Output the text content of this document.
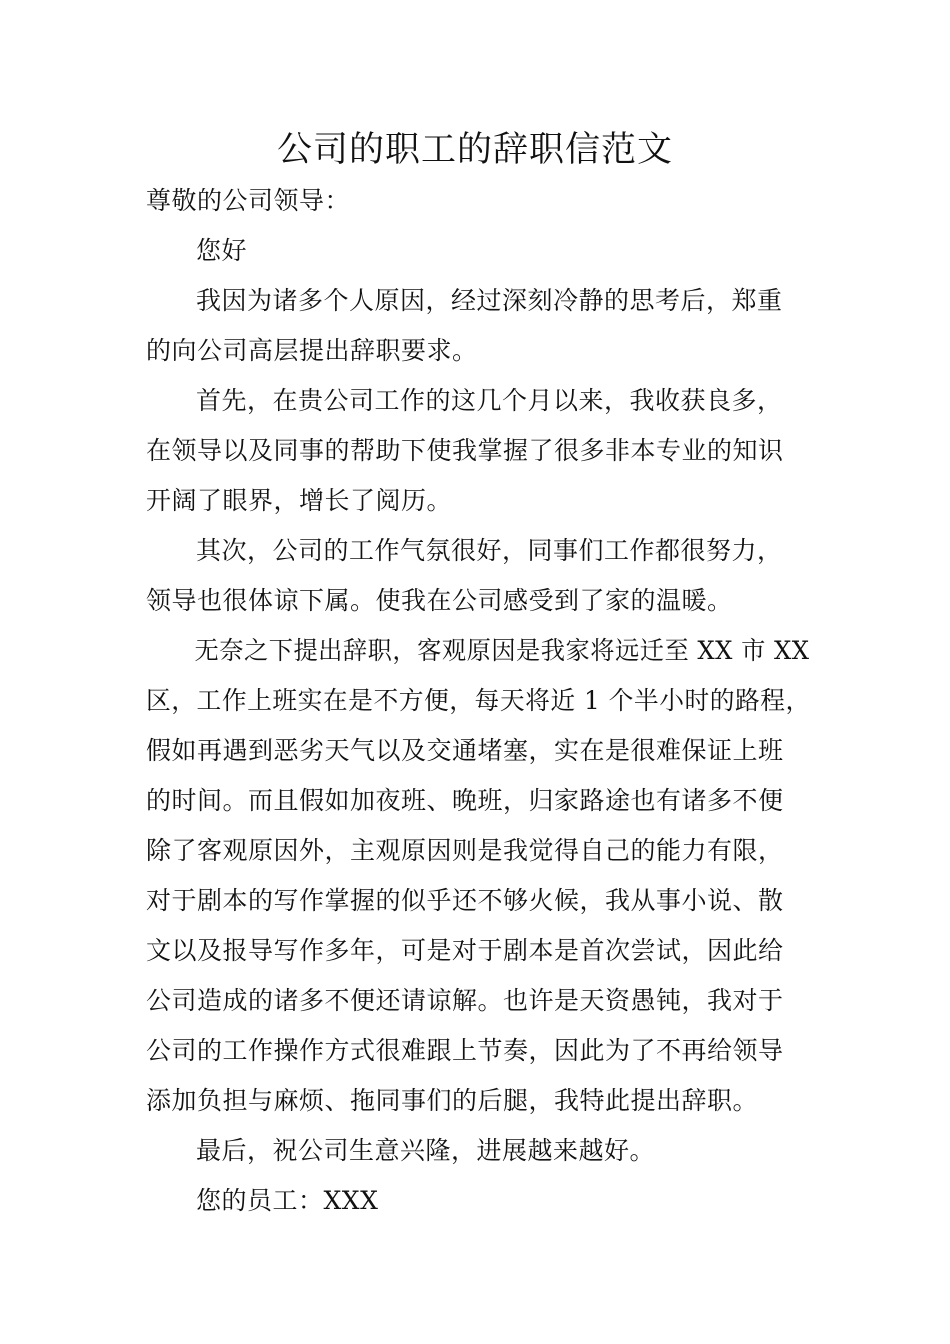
公司的职工的辞职信范文
尊敬的公司领导：
您好
我因为诸多个人原因，经过深刻冷静的思考后，郑重
的向公司高层提出辞职要求。
首先，在贵公司工作的这几个月以来，我收获良多，
在领导以及同事的帮助下使我掌握了很多非本专业的知识
开阔了眼界，增长了阅历。
其次，公司的工作气氛很好，同事们工作都很努力，
领导也很体谅下属。使我在公司感受到了家的温暖。
无奈之下提出辞职，客观原因是我家将远迁至 XX 市 XX
区，工作上班实在是不方便，每天将近 1 个半小时的路程，
假如再遇到恶劣天气以及交通堵塞，实在是很难保证上班
的时间。而且假如加夜班、晚班，归家路途也有诸多不便
除了客观原因外，主观原因则是我觉得自己的能力有限，
对于剧本的写作掌握的似乎还不够火候，我从事小说、散
文以及报导写作多年，可是对于剧本是首次尝试，因此给
公司造成的诸多不便还请谅解。也许是天资愚钝，我对于
公司的工作操作方式很难跟上节奏，因此为了不再给领导
添加负担与麻烦、拖同事们的后腿，我特此提出辞职。
最后，祝公司生意兴隆，进展越来越好。
您的员工：XXX
